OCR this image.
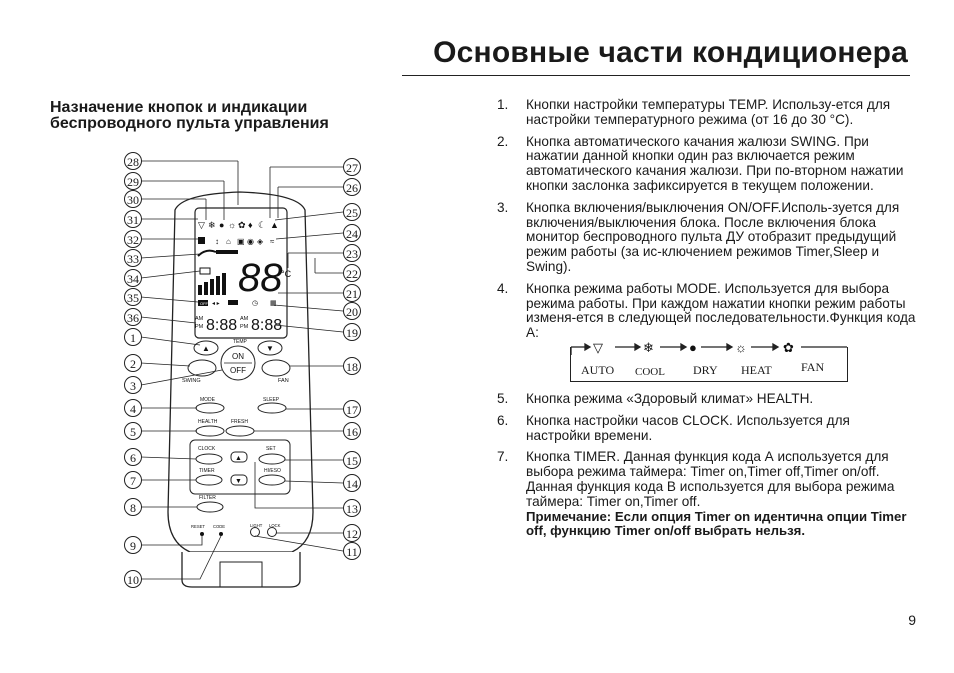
Основные части кондиционера
Назначение кнопок и индикации беспроводного пульта управления
▽ ❄ ● ☼ ✿ ♦ ☾ ▲
↕ ⌂ ▣ ◉ ◈ ≈
88
°C
OFF ◂ ▸	◷ ▦
AM
PM 8:88 AM
PM 8:88
TEMP
▲	▼
ON
OFF
SWING	FAN
MODE	SLEEP
HEALTH	FRESH
CLOCK	SET
▲
TIMER	HI/ESO
▼
FILTER
RESET CODE	LIGHT LOCK
28
29
30
31
32
33
34
35
36
1
2
3
4
5
6
7
8
9
10
27
26
25
24
23
22
21
20
19
18
17
16
15
14
13
12
11
1. Кнопки настройки температуры TEMP. Использу-ется для настройки температурного режима (от 16 до 30 °С).
2. Кнопка автоматического качания жалюзи SWING. При нажатии данной кнопки один раз включается режим автоматического качания жалюзи. При по-вторном нажатии кнопки заслонка зафиксируется в текущем положении.
3. Кнопка включения/выключения ON/OFF.Исполь-зуется для включения/выключения блока. После включения блока монитор беспроводного пульта ДУ отобразит предыдущий режим работы (за ис-ключением режимов Timer,Sleep и Swing).
4. Кнопка режима работы MODE. Используется для выбора режима работы. При каждом нажатии кнопки режим работы изменя-ется в следующей последовательности.Функция кода А:
▽	❄	●	☼	✿
AUTO COOL DRY HEAT FAN
5. Кнопка режима «Здоровый климат» HEALTH.
6. Кнопка настройки часов CLOCK. Используется для настройки времени.
7. Кнопка TIMER. Данная функция кода А используется для выбора режима таймера: Timer on,Timer off,Timer on/off. Данная функция кода В используется для выбора режима таймера: Timer on,Timer off.
Примечание: Если опция Timer on идентична опции Timer off, функцию Timer on/off выбрать нельзя.
9
